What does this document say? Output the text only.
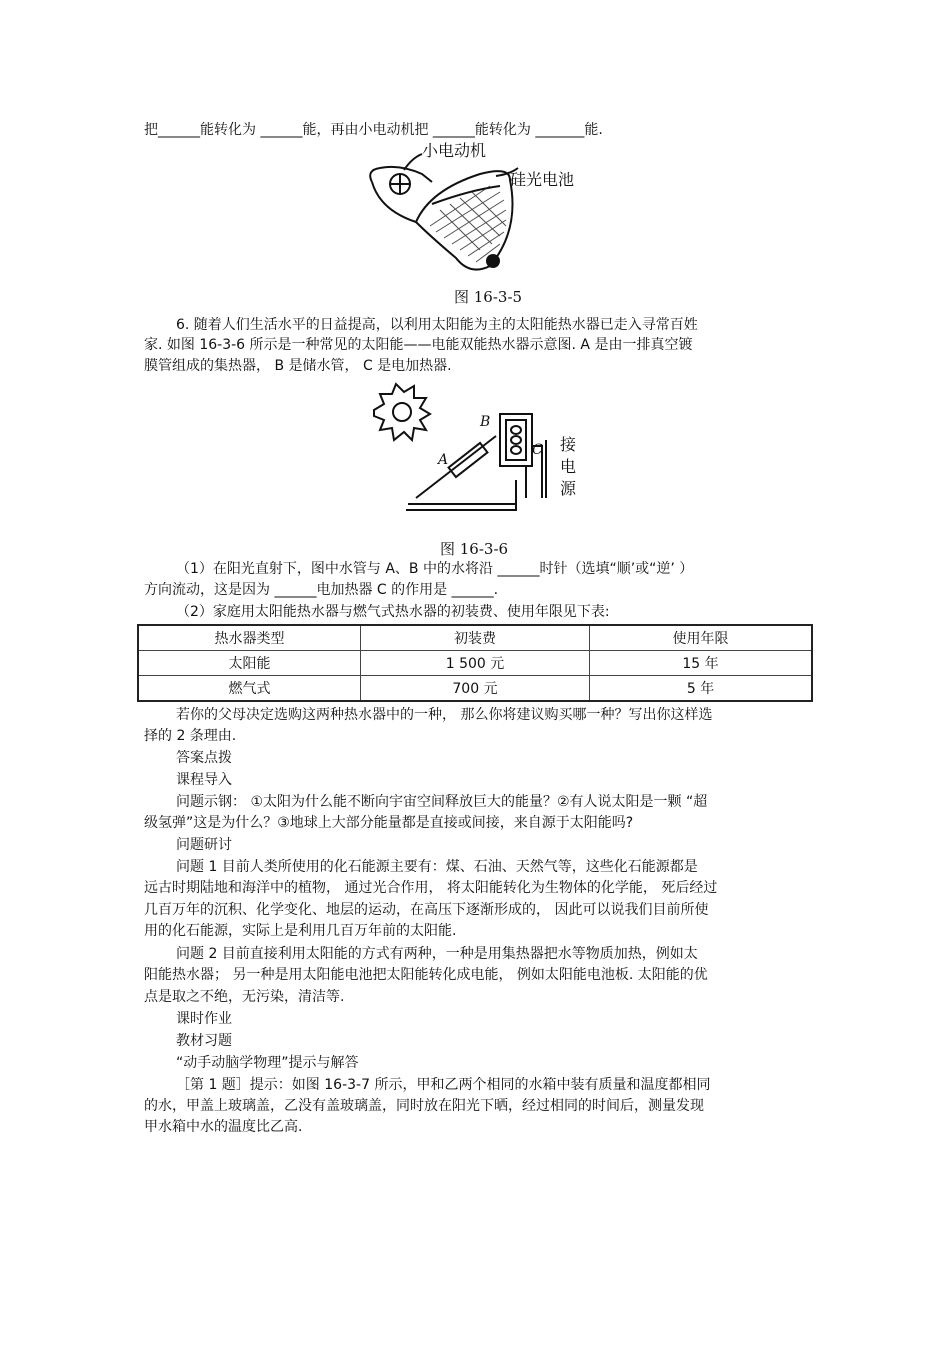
把______能转化为 ______能，再由小电动机把 ______能转化为 _______能.
小电动机
硅光电池
图 16-3-5
6. 随着人们生活水平的日益提高，以利用太阳能为主的太阳能热水器已走入寻常百姓
家. 如图 16-3-6 所示是一种常见的太阳能——电能双能热水器示意图. A 是由一排真空镀
膜管组成的集热器， B 是储水管， C 是电加热器.
B
A
C 接
电
源
图 16-3-6
（1）在阳光直射下，图中水管与 A、B 中的水将沿 ______时针（选填“顺’或“逆’ ）
方向流动，这是因为 ______电加热器 C 的作用是 ______.
（2）家庭用太阳能热水器与燃气式热水器的初装费、使用年限见下表:
热水器类型	初装费	使用年限
太阳能	1 500 元	15 年
燃气式	700 元	5 年
若你的父母决定选购这两种热水器中的一种， 那么你将建议购买哪一种？写出你这样选
择的 2 条理由.
答案点拨
课程导入
问题示钢： ①太阳为什么能不断向宇宙空间释放巨大的能量？②有人说太阳是一颗 “超
级氢弹”这是为什么？③地球上大部分能量都是直接或间接，来自源于太阳能吗?
问题研讨
问题 1 目前人类所使用的化石能源主要有：煤、石油、天然气等，这些化石能源都是
远古时期陆地和海洋中的植物， 通过光合作用， 将太阳能转化为生物体的化学能， 死后经过
几百万年的沉积、化学变化、地层的运动，在高压下逐渐形成的， 因此可以说我们目前所使
用的化石能源，实际上是利用几百万年前的太阳能.
问题 2 目前直接利用太阳能的方式有两种，一种是用集热器把水等物质加热，例如太
阳能热水器； 另一种是用太阳能电池把太阳能转化成电能， 例如太阳能电池板. 太阳能的优
点是取之不绝，无污染，清洁等.
课时作业
教材习题
“动手动脑学物理”提示与解答
［第 1 题］提示：如图 16-3-7 所示，甲和乙两个相同的水箱中装有质量和温度都相同
的水，甲盖上玻璃盖，乙没有盖玻璃盖，同时放在阳光下晒，经过相同的时间后，测量发现
甲水箱中水的温度比乙高.
